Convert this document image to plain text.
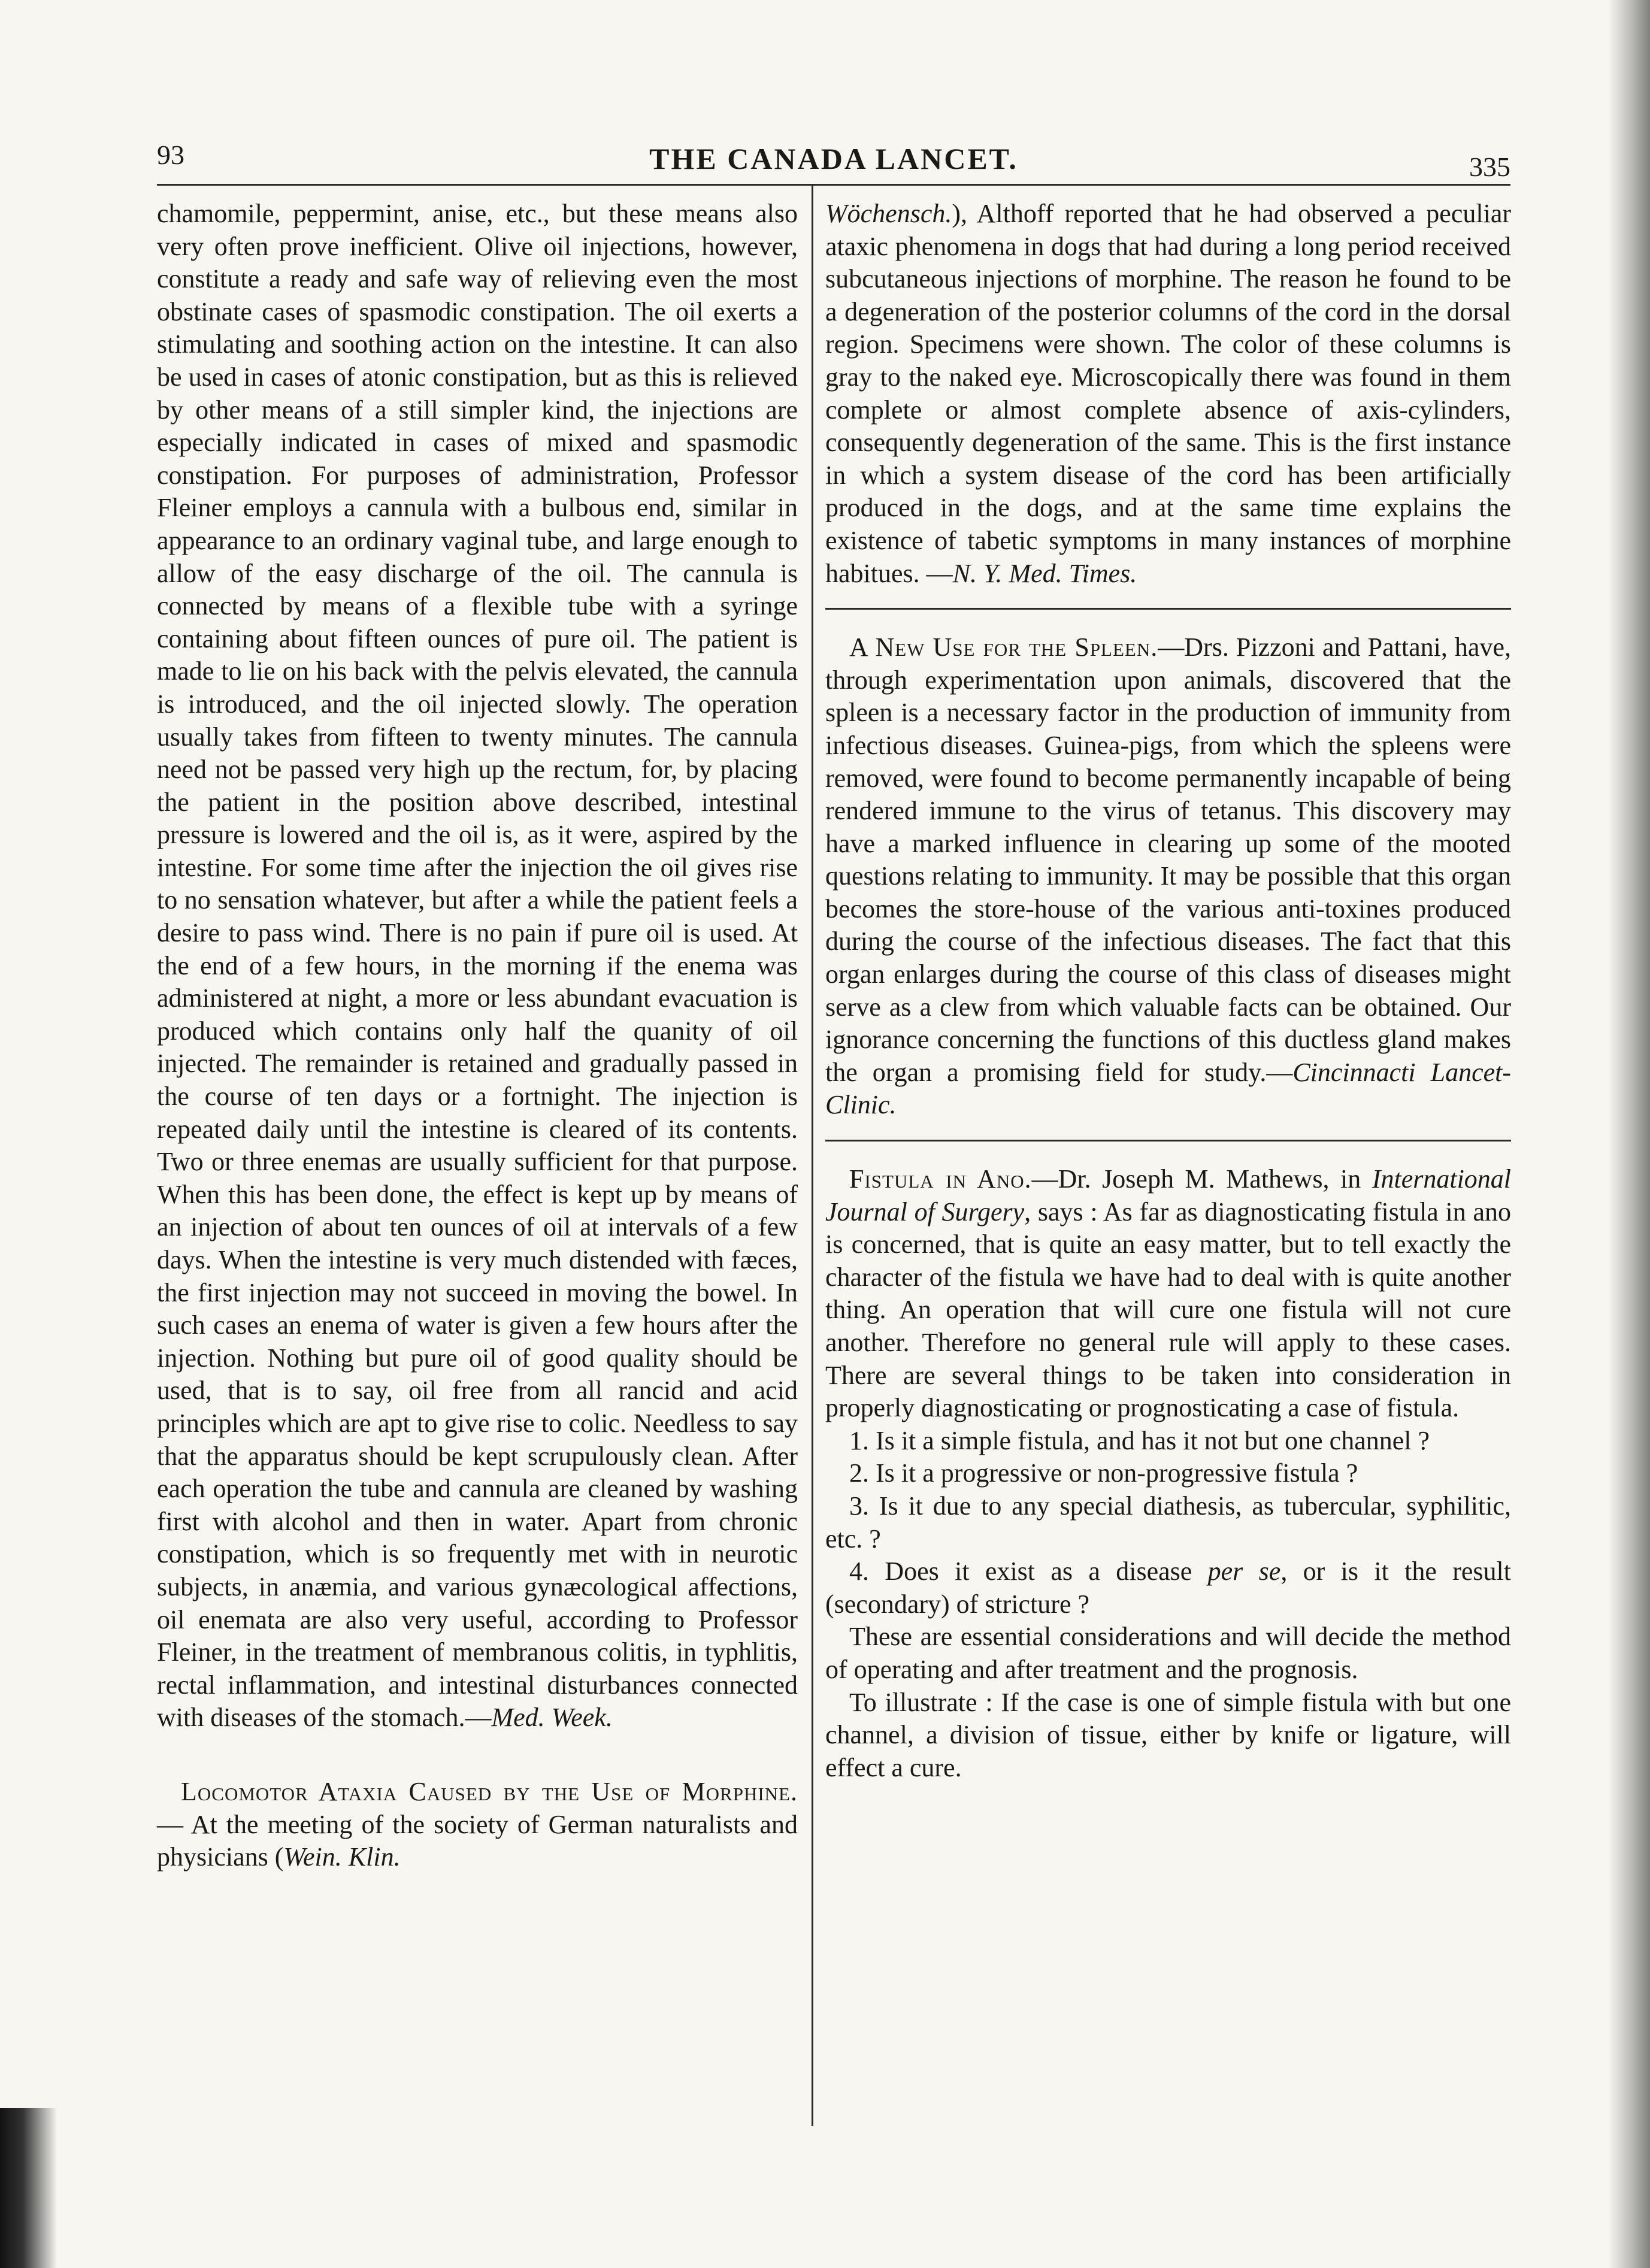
93	THE CANADA LANCET.	335

chamomile, peppermint, anise, etc., but these means also very often prove inefficient. Olive oil injections, however, constitute a ready and safe way of relieving even the most obstinate cases of spasmodic constipation. The oil exerts a stimulating and soothing action on the intestine. It can also be used in cases of atonic constipation, but as this is relieved by other means of a still simpler kind, the injections are especially indicated in cases of mixed and spasmodic constipation. For purposes of administration, Professor Fleiner employs a cannula with a bulbous end, similar in appearance to an ordinary vaginal tube, and large enough to allow of the easy discharge of the oil. The cannula is connected by means of a flexible tube with a syringe containing about fifteen ounces of pure oil. The patient is made to lie on his back with the pelvis elevated, the cannula is introduced, and the oil injected slowly. The operation usually takes from fifteen to twenty minutes. The cannula need not be passed very high up the rectum, for, by placing the patient in the position above described, intestinal pressure is lowered and the oil is, as it were, aspired by the intestine. For some time after the injection the oil gives rise to no sensation whatever, but after a while the patient feels a desire to pass wind. There is no pain if pure oil is used. At the end of a few hours, in the morning if the enema was administered at night, a more or less abundant evacuation is produced which contains only half the quanity of oil injected. The remainder is retained and gradually passed in the course of ten days or a fortnight. The injection is repeated daily until the intestine is cleared of its contents. Two or three enemas are usually sufficient for that purpose. When this has been done, the effect is kept up by means of an injection of about ten ounces of oil at intervals of a few days. When the intestine is very much distended with fæces, the first injection may not succeed in moving the bowel. In such cases an enema of water is given a few hours after the injection. Nothing but pure oil of good quality should be used, that is to say, oil free from all rancid and acid principles which are apt to give rise to colic. Needless to say that the apparatus should be kept scrupulously clean. After each operation the tube and cannula are cleaned by washing first with alcohol and then in water. Apart from chronic constipation, which is so frequently met with in neurotic subjects, in anæmia, and various gynæcological affections, oil enemata are also very useful, according to Professor Fleiner, in the treatment of membranous colitis, in typhlitis, rectal inflammation, and intestinal disturbances connected with diseases of the stomach.—Med. Week.

Locomotor Ataxia Caused by the Use of Morphine. — At the meeting of the society of German naturalists and physicians (Wein. Klin.

Wöchensch.), Althoff reported that he had observed a peculiar ataxic phenomena in dogs that had during a long period received subcutaneous injections of morphine. The reason he found to be a degeneration of the posterior columns of the cord in the dorsal region. Specimens were shown. The color of these columns is gray to the naked eye. Microscopically there was found in them complete or almost complete absence of axis-cylinders, consequently degeneration of the same. This is the first instance in which a system disease of the cord has been artificially produced in the dogs, and at the same time explains the existence of tabetic symptoms in many instances of morphine habitues. —N. Y. Med. Times.

A New Use for the Spleen.—Drs. Pizzoni and Pattani, have, through experimentation upon animals, discovered that the spleen is a necessary factor in the production of immunity from infectious diseases. Guinea-pigs, from which the spleens were removed, were found to become permanently incapable of being rendered immune to the virus of tetanus. This discovery may have a marked influence in clearing up some of the mooted questions relating to immunity. It may be possible that this organ becomes the store-house of the various anti-toxines produced during the course of the infectious diseases. The fact that this organ enlarges during the course of this class of diseases might serve as a clew from which valuable facts can be obtained. Our ignorance concerning the functions of this ductless gland makes the organ a promising field for study.—Cincinnacti Lancet-Clinic.

Fistula in Ano.—Dr. Joseph M. Mathews, in International Journal of Surgery, says : As far as diagnosticating fistula in ano is concerned, that is quite an easy matter, but to tell exactly the character of the fistula we have had to deal with is quite another thing. An operation that will cure one fistula will not cure another. Therefore no general rule will apply to these cases. There are several things to be taken into consideration in properly diagnosticating or prognosticating a case of fistula.

1. Is it a simple fistula, and has it not but one channel ?

2. Is it a progressive or non-progressive fistula ?

3. Is it due to any special diathesis, as tubercular, syphilitic, etc. ?

4. Does it exist as a disease per se, or is it the result (secondary) of stricture ?

These are essential considerations and will decide the method of operating and after treatment and the prognosis.

To illustrate : If the case is one of simple fistula with but one channel, a division of tissue, either by knife or ligature, will effect a cure.
